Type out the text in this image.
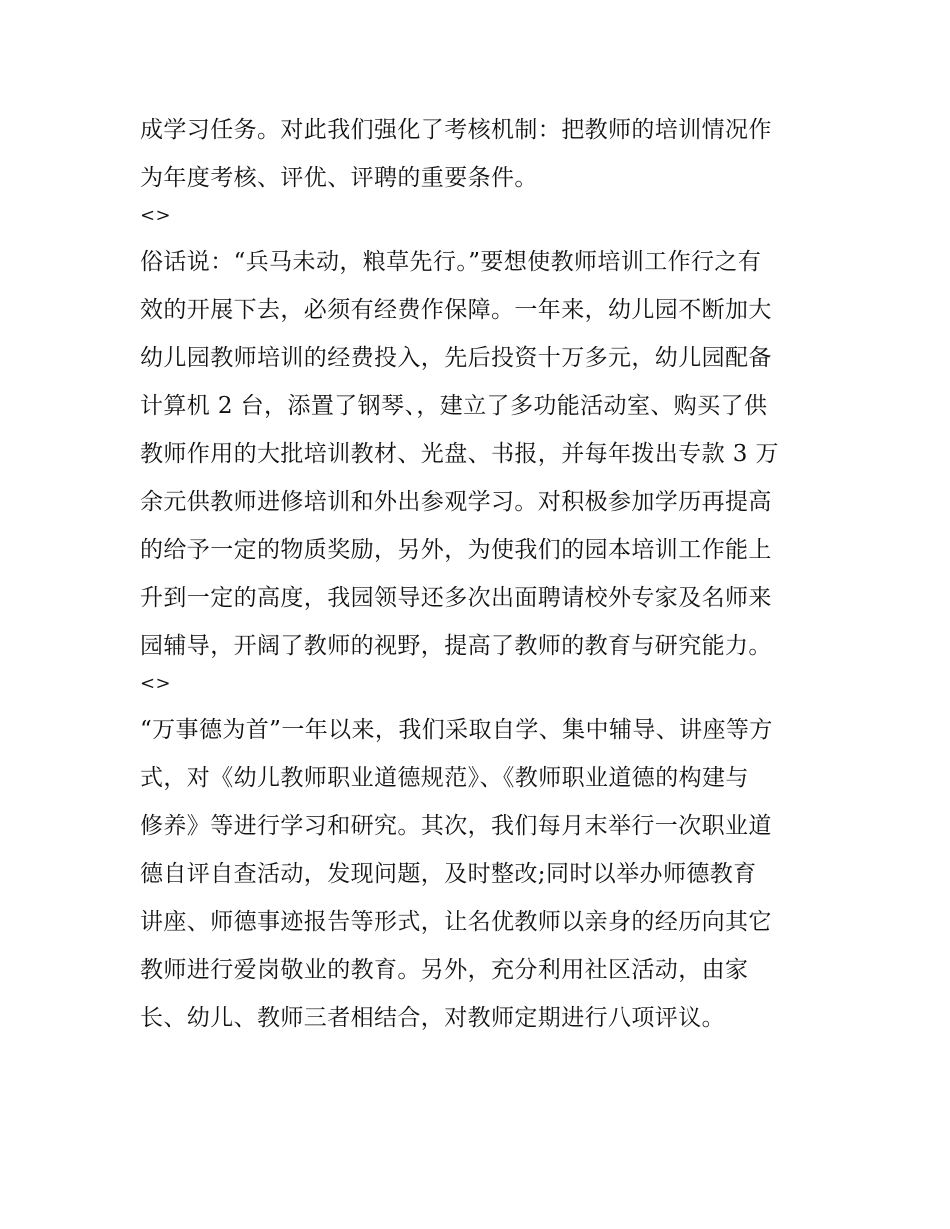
成学习任务。对此我们强化了考核机制：把教师的培训情况作
为年度考核、评优、评聘的重要条件。
<>
俗话说：“兵马未动，粮草先行。”要想使教师培训工作行之有
效的开展下去，必须有经费作保障。一年来，幼儿园不断加大
幼儿园教师培训的经费投入，先后投资十万多元，幼儿园配备
计算机 2 台，添置了钢琴、，建立了多功能活动室、购买了供
教师作用的大批培训教材、光盘、书报，并每年拨出专款 3 万
余元供教师进修培训和外出参观学习。对积极参加学历再提高
的给予一定的物质奖励，另外，为使我们的园本培训工作能上
升到一定的高度，我园领导还多次出面聘请校外专家及名师来
园辅导，开阔了教师的视野，提高了教师的教育与研究能力。
<>
“万事德为首”一年以来，我们采取自学、集中辅导、讲座等方
式，对《幼儿教师职业道德规范》、《教师职业道德的构建与
修养》等进行学习和研究。其次，我们每月末举行一次职业道
德自评自查活动，发现问题，及时整改;同时以举办师德教育
讲座、师德事迹报告等形式，让名优教师以亲身的经历向其它
教师进行爱岗敬业的教育。另外，充分利用社区活动，由家
长、幼儿、教师三者相结合，对教师定期进行八项评议。
